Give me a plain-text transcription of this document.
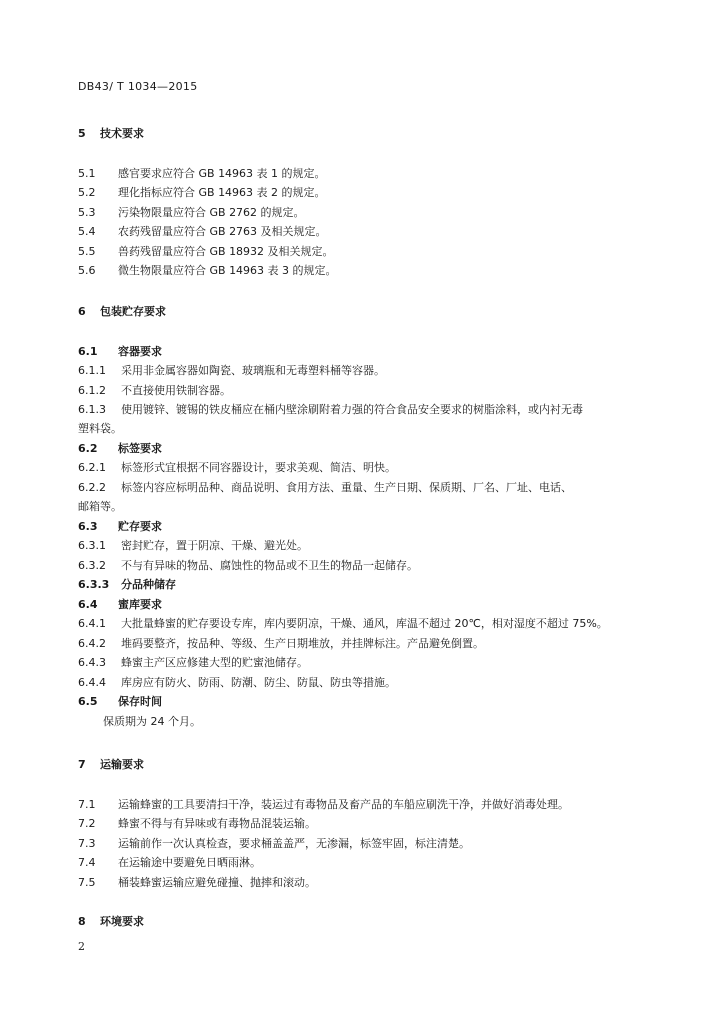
DB43/ T 1034—2015
5 技术要求
5.1 感官要求应符合 GB 14963 表 1 的规定。
5.2 理化指标应符合 GB 14963 表 2 的规定。
5.3 污染物限量应符合 GB 2762 的规定。
5.4 农药残留量应符合 GB 2763 及相关规定。
5.5 兽药残留量应符合 GB 18932 及相关规定。
5.6 微生物限量应符合 GB 14963 表 3 的规定。
6 包装贮存要求
6.1 容器要求
6.1.1 采用非金属容器如陶瓷、玻璃瓶和无毒塑料桶等容器。
6.1.2 不直接使用铁制容器。
6.1.3 使用镀锌、镀锡的铁皮桶应在桶内壁涂刷附着力强的符合食品安全要求的树脂涂料，或内衬无毒
塑料袋。
6.2 标签要求
6.2.1 标签形式宜根据不同容器设计，要求美观、简洁、明快。
6.2.2 标签内容应标明品种、商品说明、食用方法、重量、生产日期、保质期、厂名、厂址、电话、
邮箱等。
6.3 贮存要求
6.3.1 密封贮存，置于阴凉、干燥、避光处。
6.3.2 不与有异味的物品、腐蚀性的物品或不卫生的物品一起储存。
6.3.3 分品种储存
6.4 蜜库要求
6.4.1 大批量蜂蜜的贮存要设专库，库内要阴凉，干燥、通风，库温不超过 20℃，相对湿度不超过 75%。
6.4.2 堆码要整齐，按品种、等级、生产日期堆放，并挂牌标注。产品避免倒置。
6.4.3 蜂蜜主产区应修建大型的贮蜜池储存。
6.4.4 库房应有防火、防雨、防潮、防尘、防鼠、防虫等措施。
6.5 保存时间
保质期为 24 个月。
7 运输要求
7.1 运输蜂蜜的工具要清扫干净，装运过有毒物品及畜产品的车船应刷洗干净，并做好消毒处理。
7.2 蜂蜜不得与有异味或有毒物品混装运输。
7.3 运输前作一次认真检查，要求桶盖盖严，无渗漏，标签牢固，标注清楚。
7.4 在运输途中要避免日晒雨淋。
7.5 桶装蜂蜜运输应避免碰撞、抛摔和滚动。
8 环境要求
2
